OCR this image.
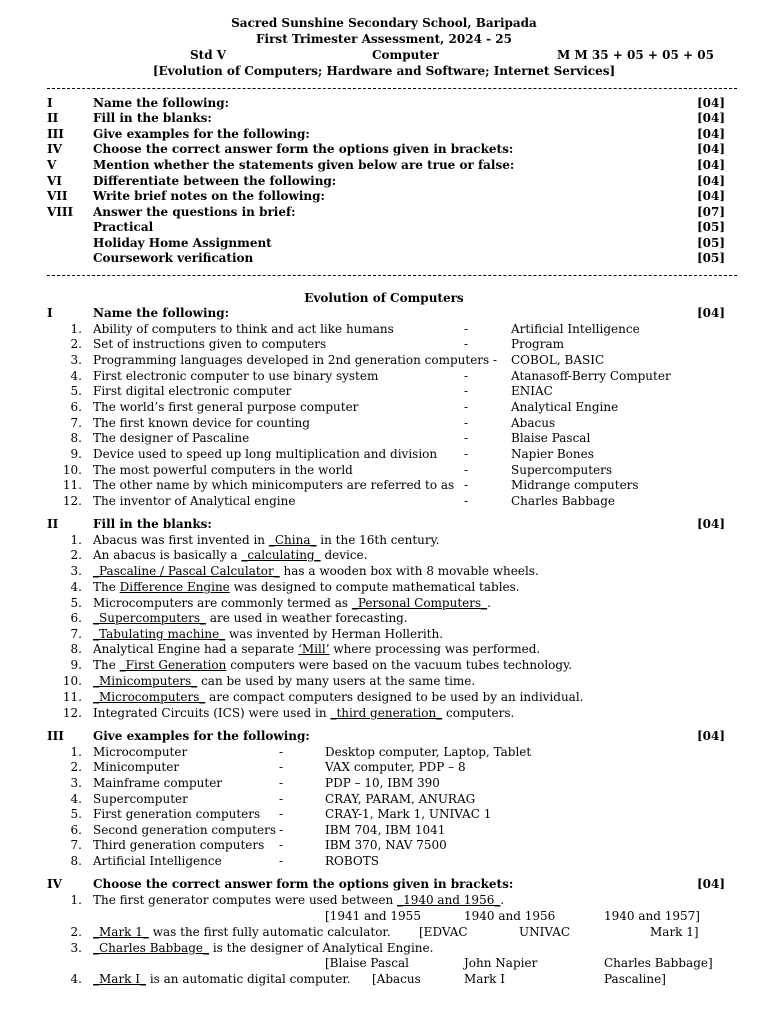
Sacred Sunshine Secondary School, Baripada
First Trimester Assessment, 2024 - 25
Std V	Computer	M M 35 + 05 + 05 + 05
[Evolution of Computers; Hardware and Software; Internet Services]
I	Name the following:	[04]
II	Fill in the blanks:	[04]
III Give examples for the following:	[04]
IV	Choose the correct answer form the options given in brackets:	[04]
V	Mention whether the statements given below are true or false:	[04]
VI	Differentiate between the following:	[04]
VII Write brief notes on the following:	[04]
VIII Answer the questions in brief:	[07]
Practical	[05]
Holiday Home Assignment	[05]
Coursework verification	[05]
Evolution of Computers
I	Name the following:	[04]
1. Ability of computers to think and act like humans	-	Artificial Intelligence
2. Set of instructions given to computers	-	Program
3. Programming languages developed in 2nd generation computers - COBOL, BASIC
4. First electronic computer to use binary system	-	Atanasoff-Berry Computer
5. First digital electronic computer	-	ENIAC
6. The world’s first general purpose computer	-	Analytical Engine
7. The first known device for counting	-	Abacus
8. The designer of Pascaline	-	Blaise Pascal
9. Device used to speed up long multiplication and division -	Napier Bones
10. The most powerful computers in the world	-	Supercomputers
11. The other name by which minicomputers are referred to as -	Midrange computers
12. The inventor of Analytical engine	-	Charles Babbage
II	Fill in the blanks:	[04]
1. Abacus was first invented in _China_ in the 16th century.
2. An abacus is basically a _calculating_ device.
3. _Pascaline / Pascal Calculator_ has a wooden box with 8 movable wheels.
4. The Difference Engine was designed to compute mathematical tables.
5. Microcomputers are commonly termed as _Personal Computers_.
6. _Supercomputers_ are used in weather forecasting.
7. _Tabulating machine_ was invented by Herman Hollerith.
8. Analytical Engine had a separate ‘Mill’ where processing was performed.
9. The _First Generation computers were based on the vacuum tubes technology.
10. _Minicomputers_ can be used by many users at the same time.
11. _Microcomputers_ are compact computers designed to be used by an individual.
12. Integrated Circuits (ICS) were used in _third generation_ computers.
III Give examples for the following:	[04]
1. Microcomputer	-	Desktop computer, Laptop, Tablet
2. Minicomputer	-	VAX computer, PDP – 8
3. Mainframe computer	-	PDP – 10, IBM 390
4. Supercomputer	-	CRAY, PARAM, ANURAG
5. First generation computers -	CRAY-1, Mark 1, UNIVAC 1
6. Second generation computers -	IBM 704, IBM 1041
7. Third generation computers -	IBM 370, NAV 7500
8. Artificial Intelligence	-	ROBOTS
IV	Choose the correct answer form the options given in brackets:	[04]
1. The first generator computes were used between _1940 and 1956_.
[1941 and 1955	1940 and 1956	1940 and 1957]
2. _Mark 1_ was the first fully automatic calculator. [EDVAC	UNIVAC	Mark 1]
3. _Charles Babbage_ is the designer of Analytical Engine.
[Blaise Pascal	John Napier	Charles Babbage]
4. _Mark I_ is an automatic digital computer. [Abacus	Mark I	Pascaline]
